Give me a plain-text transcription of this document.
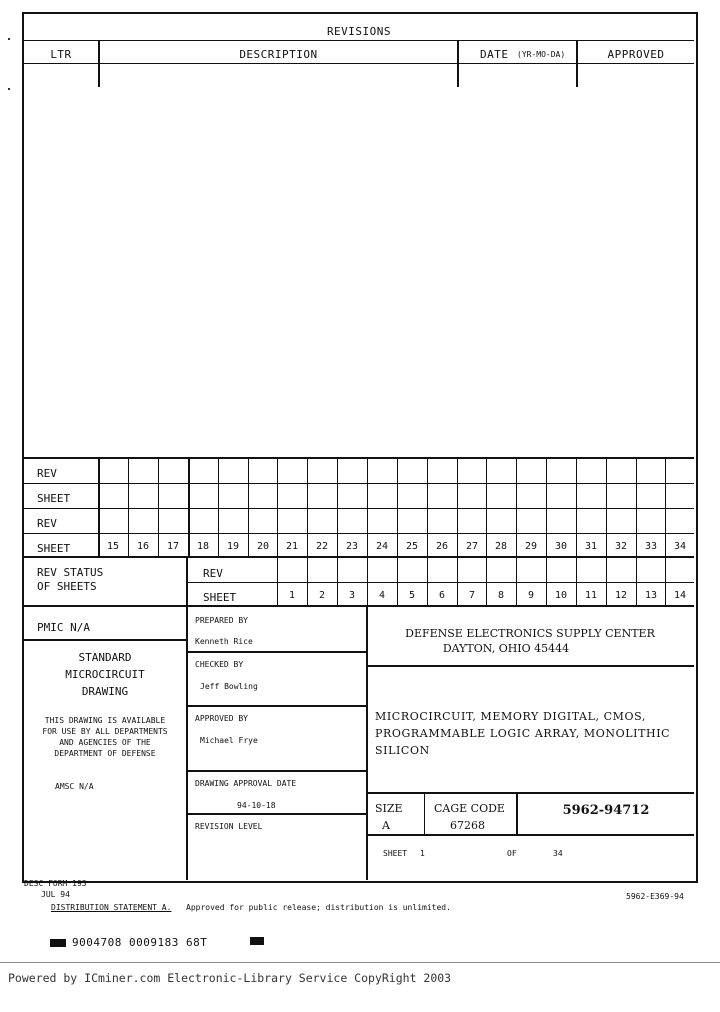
REVISIONS
LTR	DESCRIPTION	DATE (YR-MO-DA)	APPROVED
REV
SHEET
REV
SHEET	15	16	17	18	19	20	21	22	23	24	25	26	27	28	29	30	31	32	33	34
REV STATUS
OF SHEETS
REV
SHEET	1	2	3	4	5	6	7	8	9	10	11	12	13	14
PMIC N/A
STANDARD
MICROCIRCUIT
DRAWING
THIS DRAWING IS AVAILABLE
FOR USE BY ALL DEPARTMENTS
AND AGENCIES OF THE
DEPARTMENT OF DEFENSE
AMSC N/A
PREPARED BY
Kenneth Rice
CHECKED BY
Jeff Bowling
APPROVED BY
Michael Frye
DRAWING APPROVAL DATE
94-10-18
REVISION LEVEL
DEFENSE ELECTRONICS SUPPLY CENTER
DAYTON, OHIO 45444
MICROCIRCUIT, MEMORY DIGITAL, CMOS,
PROGRAMMABLE LOGIC ARRAY, MONOLITHIC
SILICON
SIZE
A
CAGE CODE
67268
5962-94712
SHEET 1	OF	34
DESC FORM 193
JUL 94
DISTRIBUTION STATEMENT A. Approved for public release; distribution is unlimited.
5962-E369-94
9004708 0009183 68T
Powered by ICminer.com Electronic-Library Service CopyRight 2003
